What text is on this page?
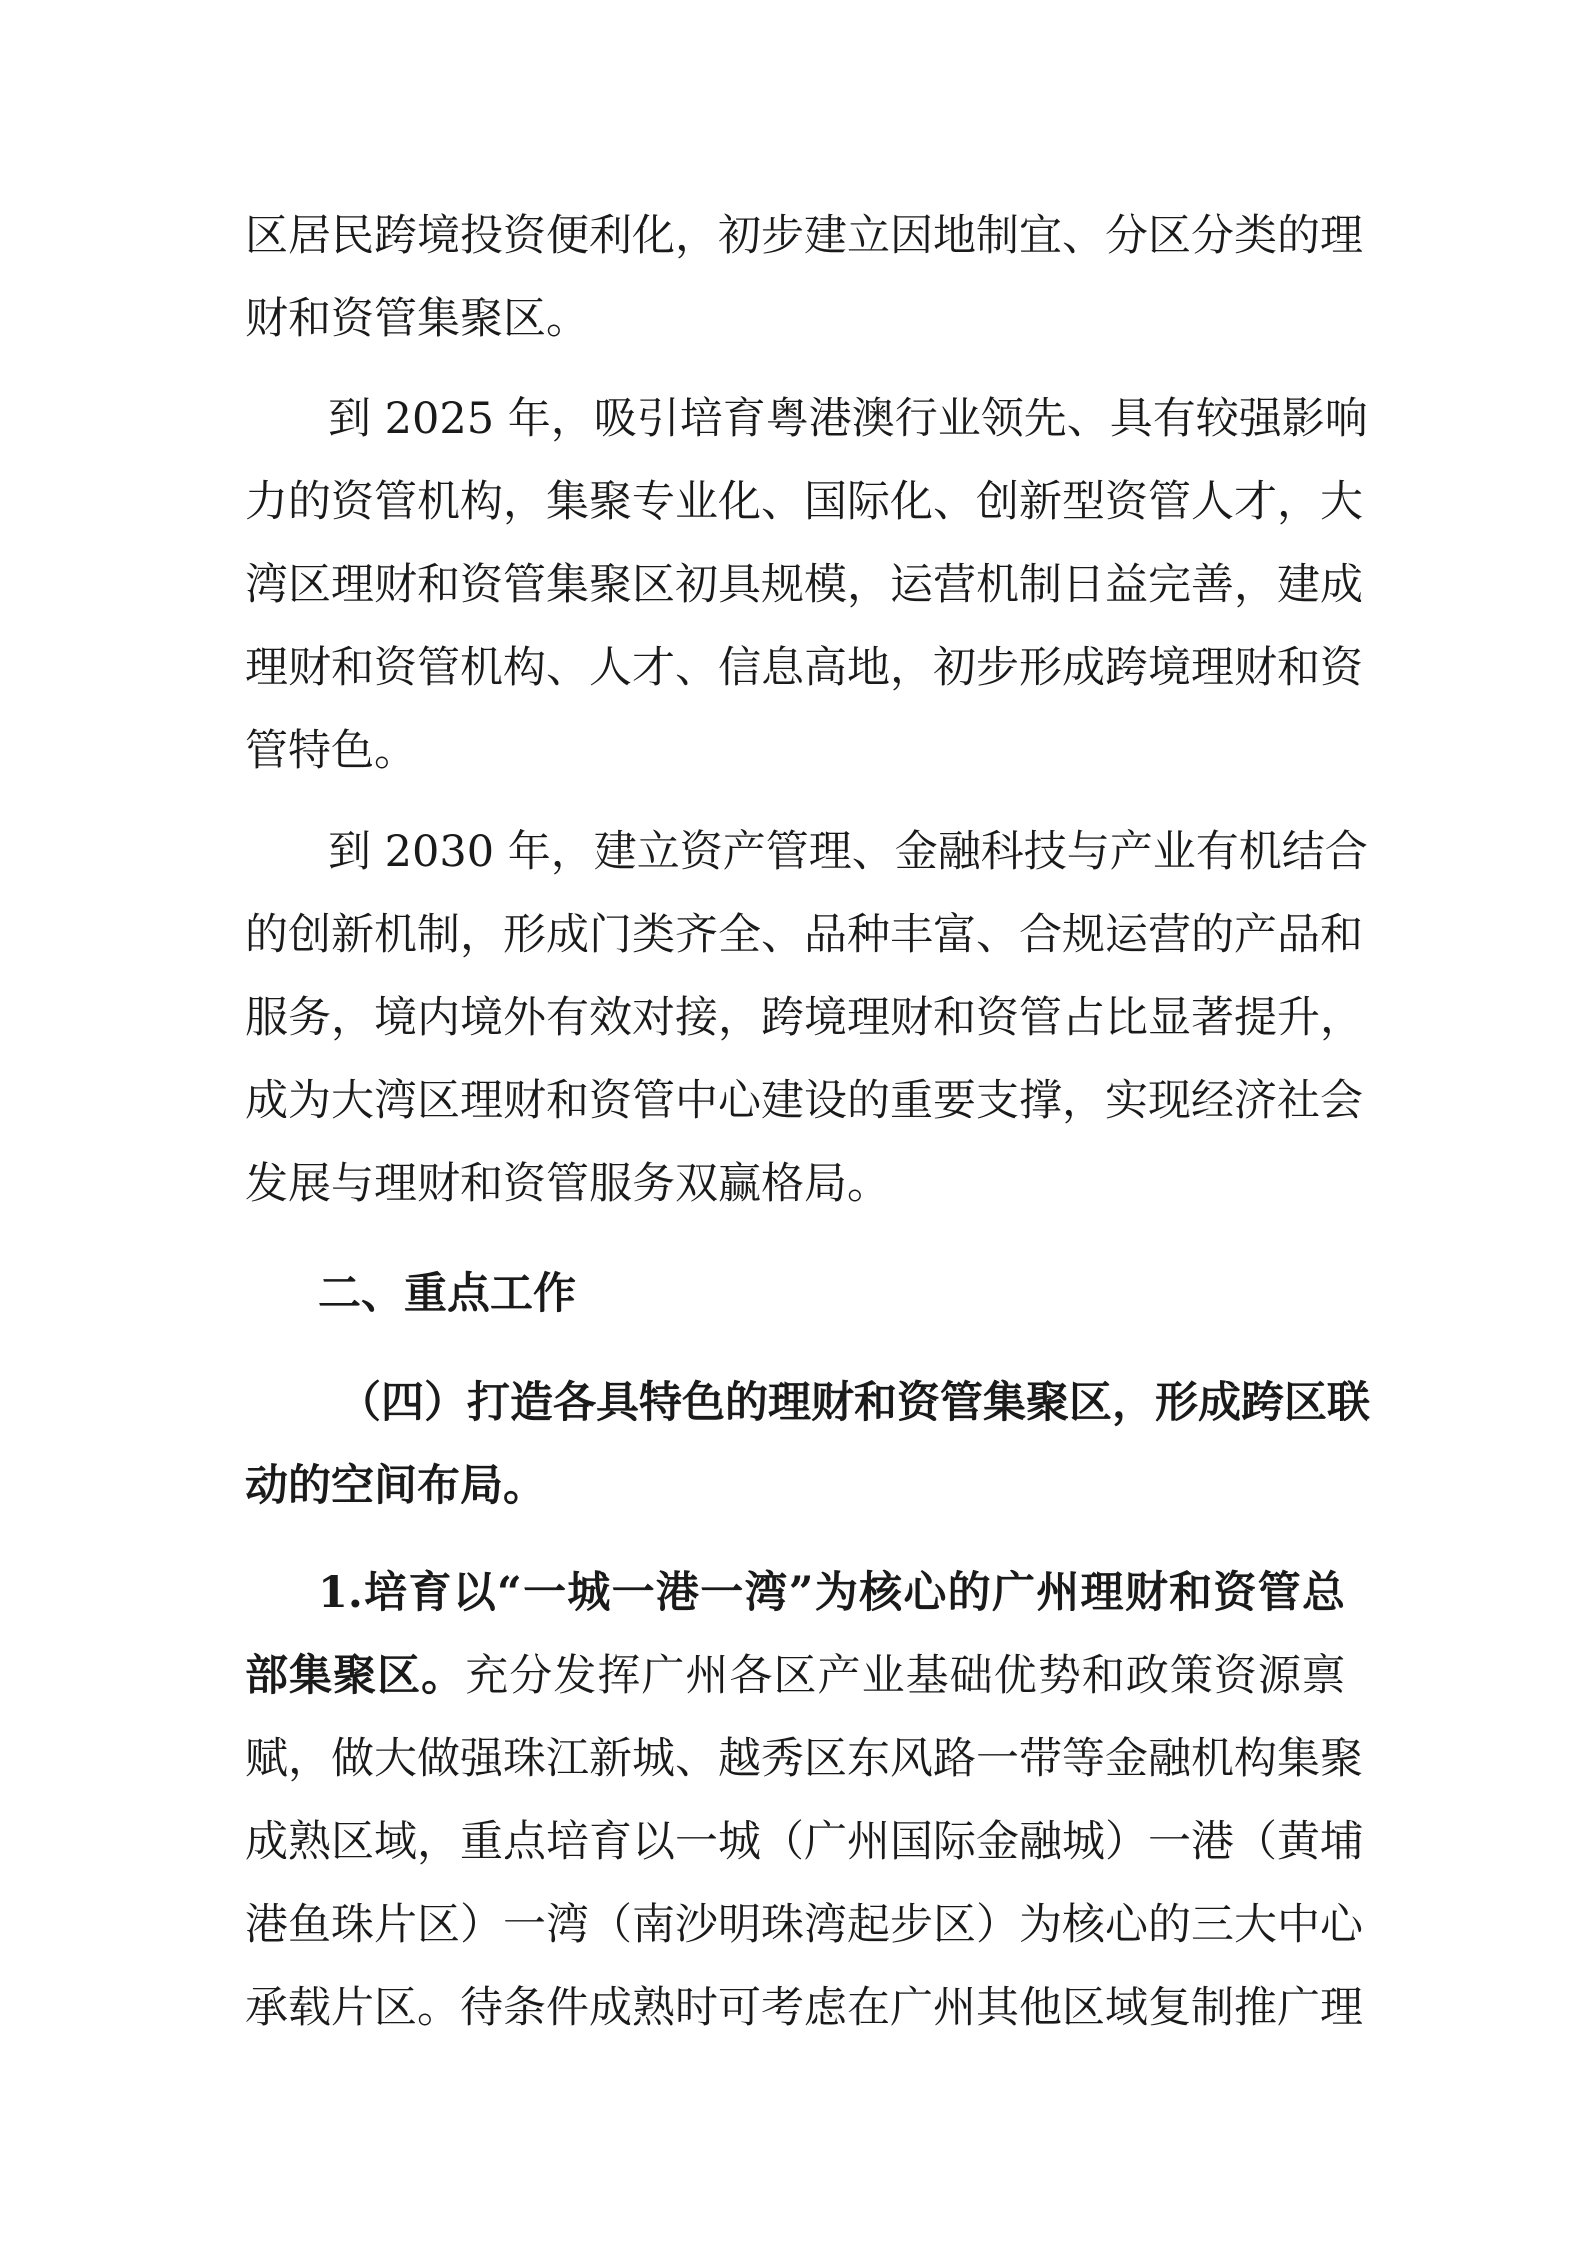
区居民跨境投资便利化，初步建立因地制宜、分区分类的理

财和资管集聚区。

到 2025 年，吸引培育粤港澳行业领先、具有较强影响

力的资管机构，集聚专业化、国际化、创新型资管人才，大

湾区理财和资管集聚区初具规模，运营机制日益完善，建成

理财和资管机构、人才、信息高地，初步形成跨境理财和资

管特色。

到 2030 年，建立资产管理、金融科技与产业有机结合

的创新机制，形成门类齐全、品种丰富、合规运营的产品和

服务，境内境外有效对接，跨境理财和资管占比显著提升，

成为大湾区理财和资管中心建设的重要支撑，实现经济社会

发展与理财和资管服务双赢格局。

二、重点工作
（四）打造各具特色的理财和资管集聚区，形成跨区联
动的空间布局。

1.培育以“一城一港一湾”为核心的广州理财和资管总

部集聚区。充分发挥广州各区产业基础优势和政策资源禀

赋，做大做强珠江新城、越秀区东风路一带等金融机构集聚

成熟区域，重点培育以一城（广州国际金融城）一港（黄埔

港鱼珠片区）一湾（南沙明珠湾起步区）为核心的三大中心

承载片区。待条件成熟时可考虑在广州其他区域复制推广理
